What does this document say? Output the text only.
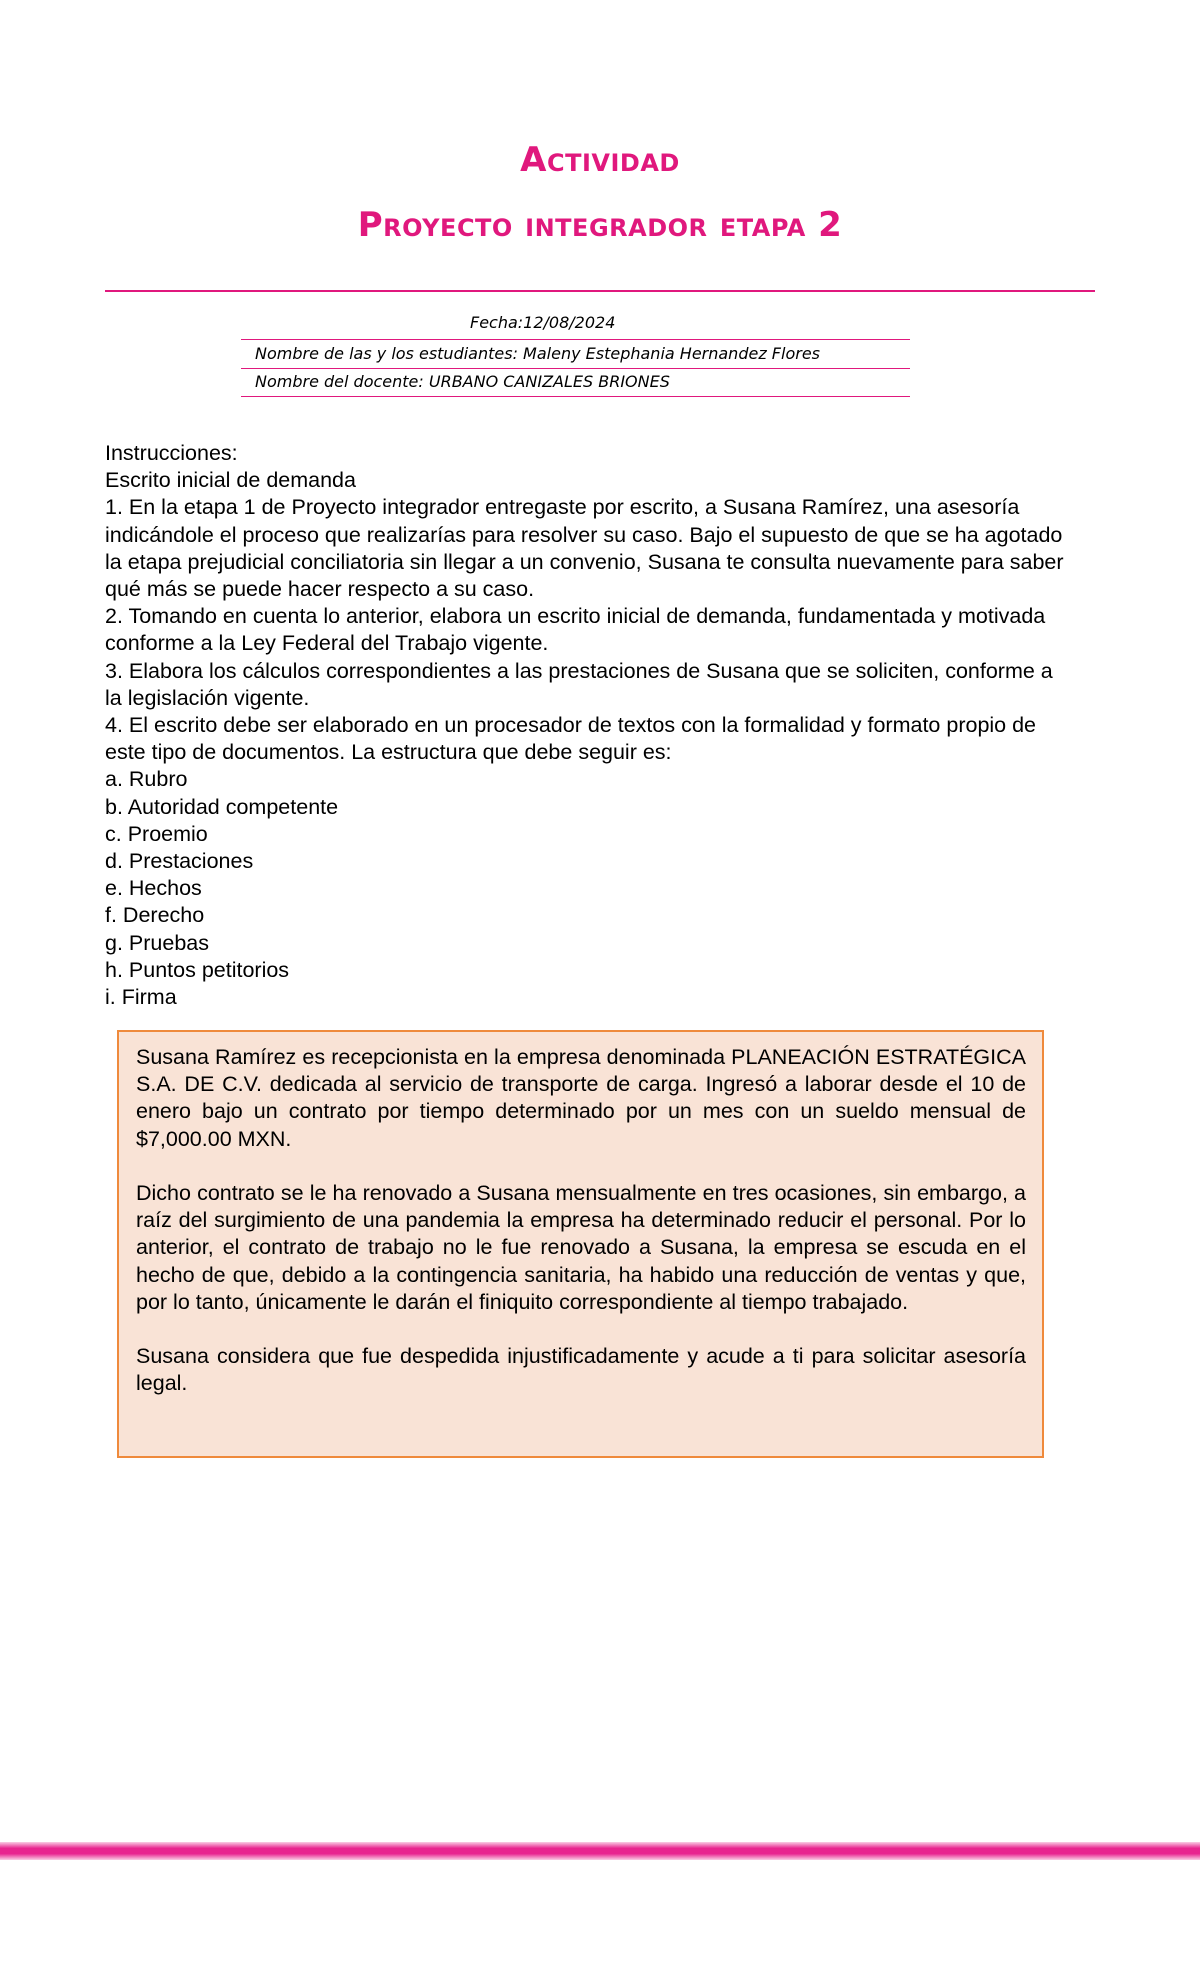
Actividad
Proyecto integrador etapa 2
Fecha:12/08/2024
Nombre de las y los estudiantes: Maleny Estephania Hernandez Flores
Nombre del docente: URBANO CANIZALES BRIONES

Instrucciones:

Escrito inicial de demanda

1. En la etapa 1 de Proyecto integrador entregaste por escrito, a Susana Ramírez, una asesoría indicándole el proceso que realizarías para resolver su caso. Bajo el supuesto de que se ha agotado la etapa prejudicial conciliatoria sin llegar a un convenio, Susana te consulta nuevamente para saber qué más se puede hacer respecto a su caso.

2. Tomando en cuenta lo anterior, elabora un escrito inicial de demanda, fundamentada y motivada conforme a la Ley Federal del Trabajo vigente.

3. Elabora los cálculos correspondientes a las prestaciones de Susana que se soliciten, conforme a la legislación vigente.

4. El escrito debe ser elaborado en un procesador de textos con la formalidad y formato propio de este tipo de documentos. La estructura que debe seguir es:

a. Rubro

b. Autoridad competente

c. Proemio

d. Prestaciones

e. Hechos

f. Derecho

g. Pruebas

h. Puntos petitorios

i. Firma

Susana Ramírez es recepcionista en la empresa denominada PLANEACIÓN ESTRATÉGICA S.A. DE C.V. dedicada al servicio de transporte de carga. Ingresó a laborar desde el 10 de enero bajo un contrato por tiempo determinado por un mes con un sueldo mensual de $7,000.00 MXN.

Dicho contrato se le ha renovado a Susana mensualmente en tres ocasiones, sin embargo, a raíz del surgimiento de una pandemia la empresa ha determinado reducir el personal. Por lo anterior, el contrato de trabajo no le fue renovado a Susana, la empresa se escuda en el hecho de que, debido a la contingencia sanitaria, ha habido una reducción de ventas y que, por lo tanto, únicamente le darán el finiquito correspondiente al tiempo trabajado.

Susana considera que fue despedida injustificadamente y acude a ti para solicitar asesoría legal.
